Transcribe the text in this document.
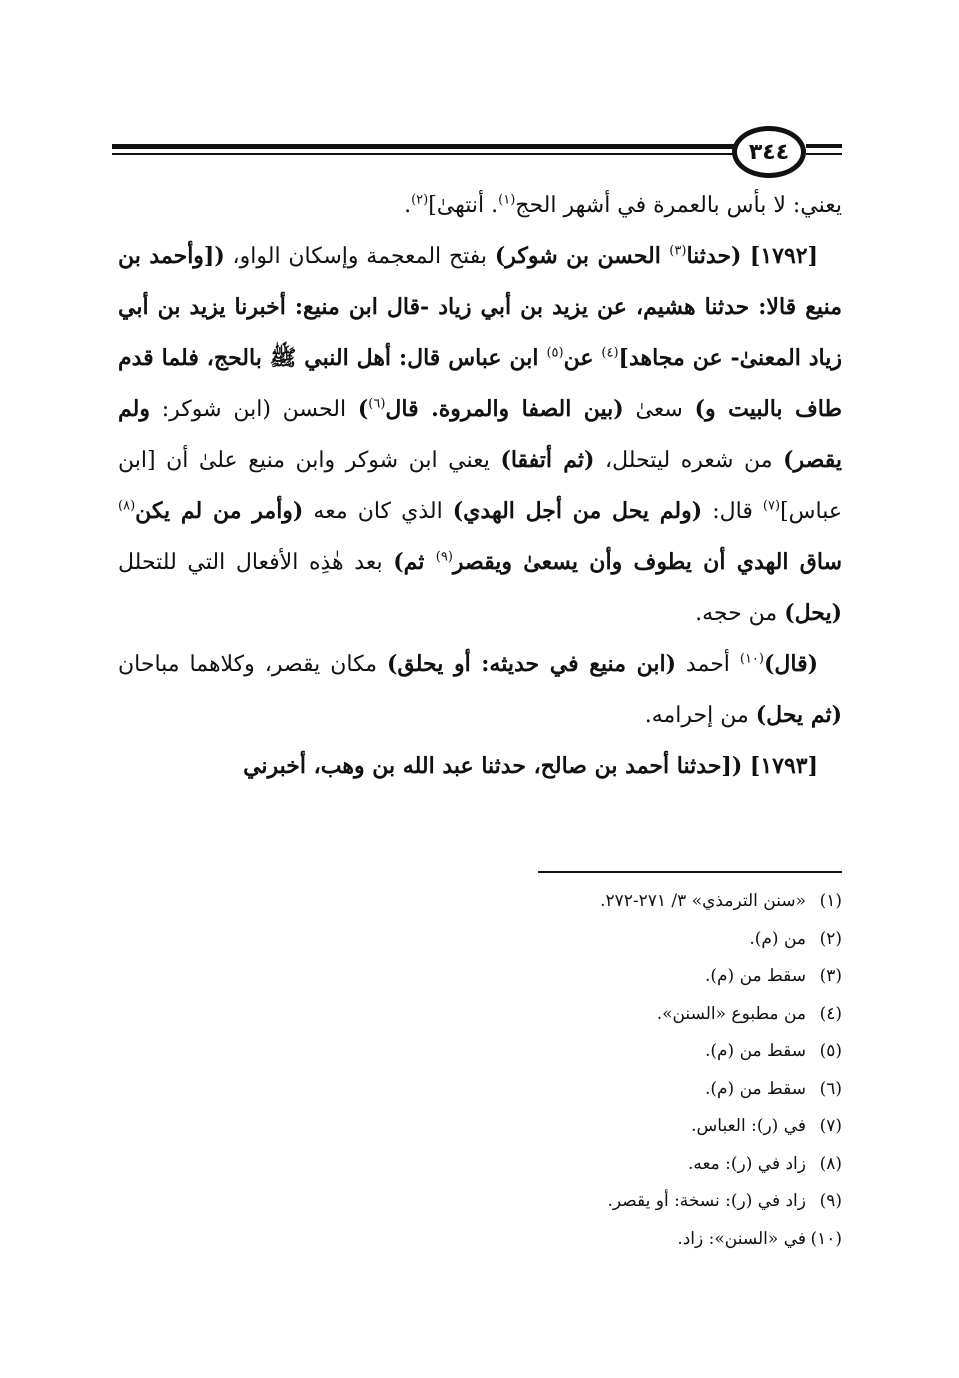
٣٤٤

يعني: لا بأس بالعمرة في أشهر الحج$^{(١)}$. أنتهىٰ]$^{(٢)}$.

[١٧٩٢] (حدثنا$^{(٣)}$ الحسن بن شوكر) بفتح المعجمة وإسكان الواو، ([وأحمد بن منيع قالا: حدثنا هشيم، عن يزيد بن أبي زياد -قال ابن منيع: أخبرنا يزيد بن أبي زياد المعنىٰ- عن مجاهد]$^{(٤)}$ عن$^{(٥)}$ ابن عباس قال: أهل النبي ﷺ بالحج، فلما قدم طاف بالبيت و) سعىٰ (بين الصفا والمروة. قال$^{(٦)}$) الحسن (ابن شوكر: ولم يقصر) من شعره ليتحلل، (ثم أتفقا) يعني ابن شوكر وابن منيع علىٰ أن [ابن عباس]$^{(٧)}$ قال: (ولم يحل من أجل الهدي) الذي كان معه (وأمر من لم يكن$^{(٨)}$ ساق الهدي أن يطوف وأن يسعىٰ ويقصر$^{(٩)}$ ثم) بعد هٰذِه الأفعال التي للتحلل (يحل) من حجه.

(قال)$^{(١٠)}$ أحمد (ابن منيع في حديثه: أو يحلق) مكان يقصر، وكلاهما مباحان (ثم يحل) من إحرامه.

[١٧٩٣] ([حدثنا أحمد بن صالح، حدثنا عبد الله بن وهب، أخبرني

(١)«سنن الترمذي» ٣/ ٢٧١-٢٧٢.
(٢)من (م).
(٣)سقط من (م).
(٤)من مطبوع «السنن».
(٥)سقط من (م).
(٦)سقط من (م).
(٧)في (ر): العباس.
(٨)زاد في (ر): معه.
(٩)زاد في (ر): نسخة: أو يقصر.
(١٠)في «السنن»: زاد.
